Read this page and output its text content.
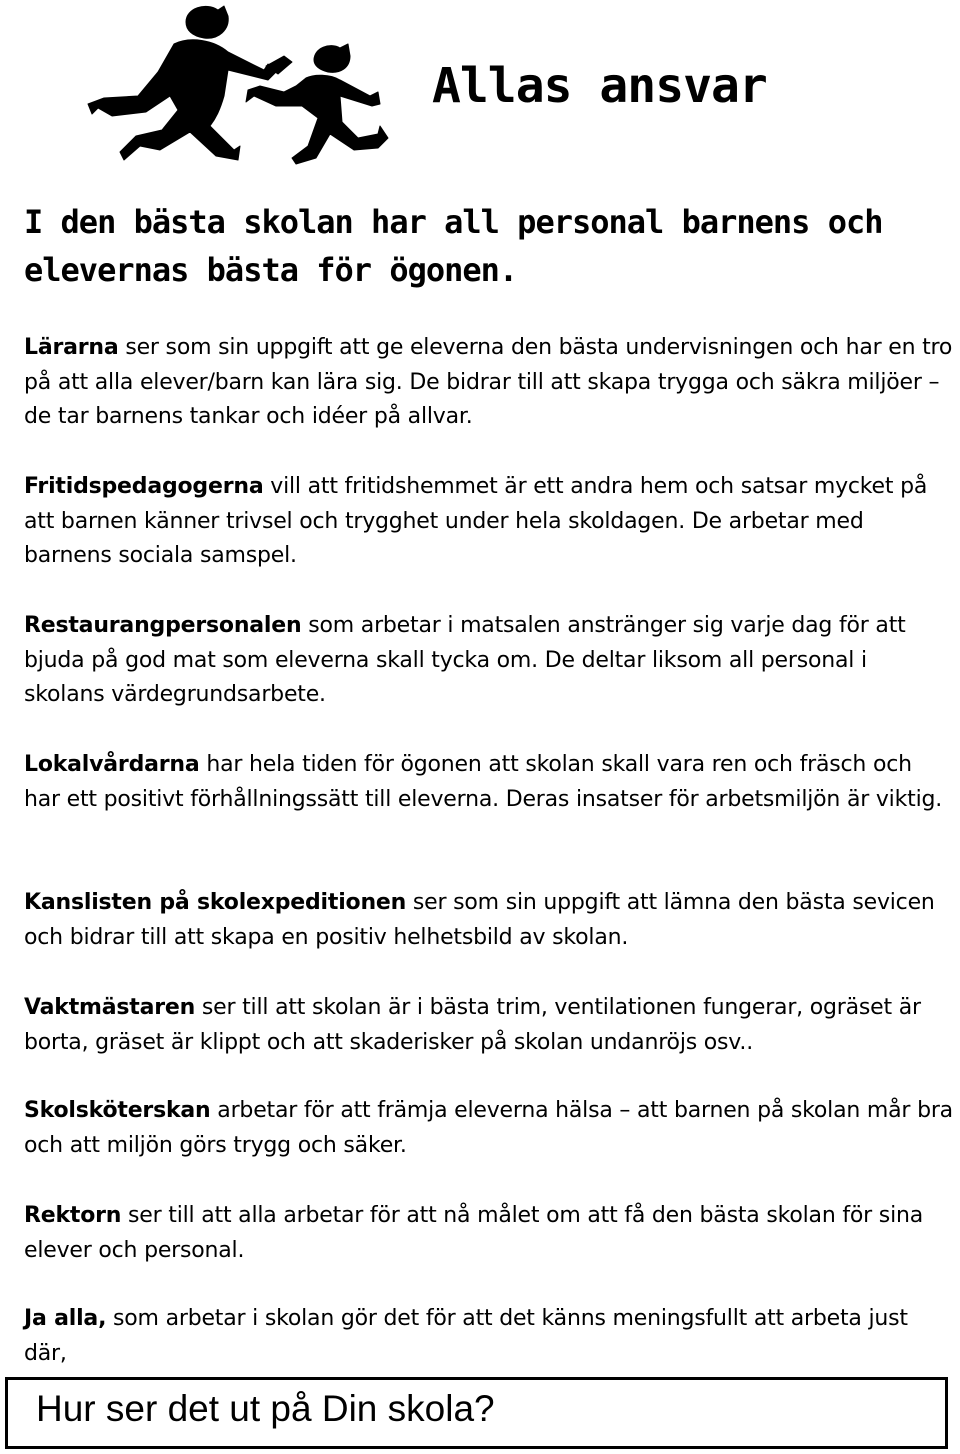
Allas ansvar
I den bästa skolan har all personal barnens och elevernas bästa för ögonen.
Lärarna ser som sin uppgift att ge eleverna den bästa undervisningen och har en tro på att alla elever/barn kan lära sig. De bidrar till att skapa trygga och säkra miljöer – de tar barnens tankar och idéer på allvar.
Fritidspedagogerna vill att fritidshemmet är ett andra hem och satsar mycket på att barnen känner trivsel och trygghet under hela skoldagen. De arbetar med barnens sociala samspel.
Restaurangpersonalen som arbetar i matsalen anstränger sig varje dag för att bjuda på god mat som eleverna skall tycka om. De deltar liksom all personal i skolans värdegrundsarbete.
Lokalvårdarna har hela tiden för ögonen att skolan skall vara ren och fräsch och har ett positivt förhållningssätt till eleverna. Deras insatser för arbetsmiljön är viktig.
Kanslisten på skolexpeditionen ser som sin uppgift att lämna den bästa sevicen och bidrar till att skapa en positiv helhetsbild av skolan.
Vaktmästaren ser till att skolan är i bästa trim, ventilationen fungerar, ogräset är borta, gräset är klippt och att skaderisker på skolan undanröjs osv..
Skolsköterskan arbetar för att främja eleverna hälsa – att barnen på skolan mår bra och att miljön görs trygg och säker.
Rektorn ser till att alla arbetar för att nå målet om att få den bästa skolan för sina elever och personal.
Ja alla, som arbetar i skolan gör det för att det känns meningsfullt att arbeta just där,
Hur ser det ut på Din skola?
